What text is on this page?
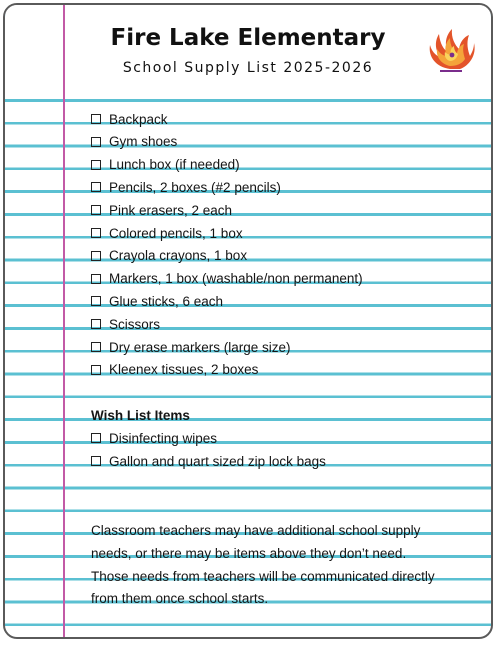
Fire Lake Elementary
School Supply List 2025-2026
Backpack
Gym shoes
Lunch box (if needed)
Pencils, 2 boxes (#2 pencils)
Pink erasers, 2 each
Colored pencils, 1 box
Crayola crayons, 1 box
Markers, 1 box (washable/non permanent)
Glue sticks, 6 each
Scissors
Dry erase markers (large size)
Kleenex tissues, 2 boxes
Wish List Items
Disinfecting wipes
Gallon and quart sized zip lock bags

Classroom teachers may have additional school supply

needs, or there may be items above they don’t need.

Those needs from teachers will be communicated directly

from them once school starts.
